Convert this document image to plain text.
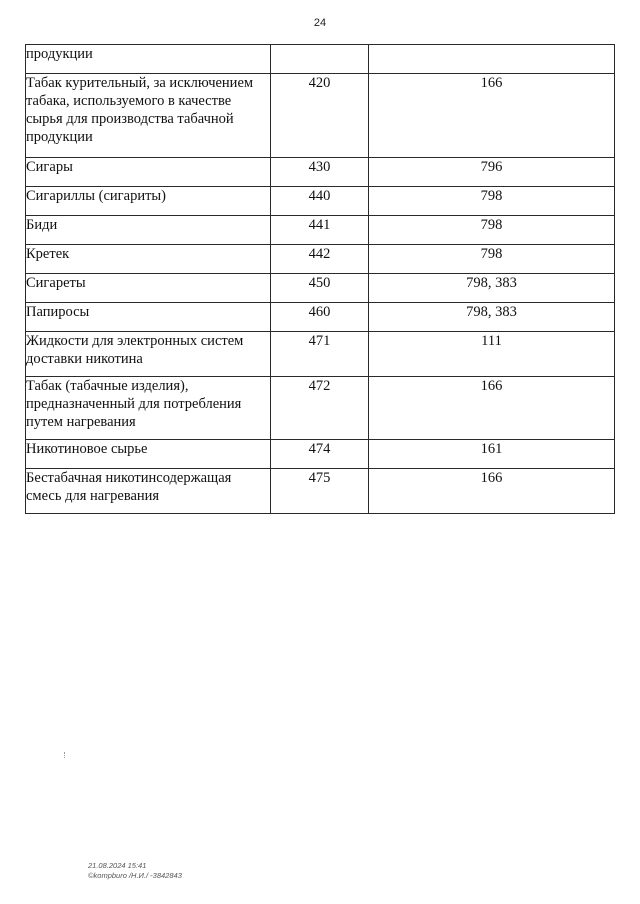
24
продукции		
Табак курительный, за исключением табака, используемого в качестве сырья для производства табачной продукции	420	166
Сигары	430	796
Сигариллы (сигариты)	440	798
Биди	441	798
Кретек	442	798
Сигареты	450	798, 383
Папиросы	460	798, 383
Жидкости для электронных систем доставки никотина	471	111
Табак (табачные изделия), предназначенный для потребления путем нагревания	472	166
Никотиновое сырье	474	161
Бестабачная никотинсодержащая смесь для нагревания	475	166
21.08.2024 15:41
©kompburo /Н.И./ -3842843
